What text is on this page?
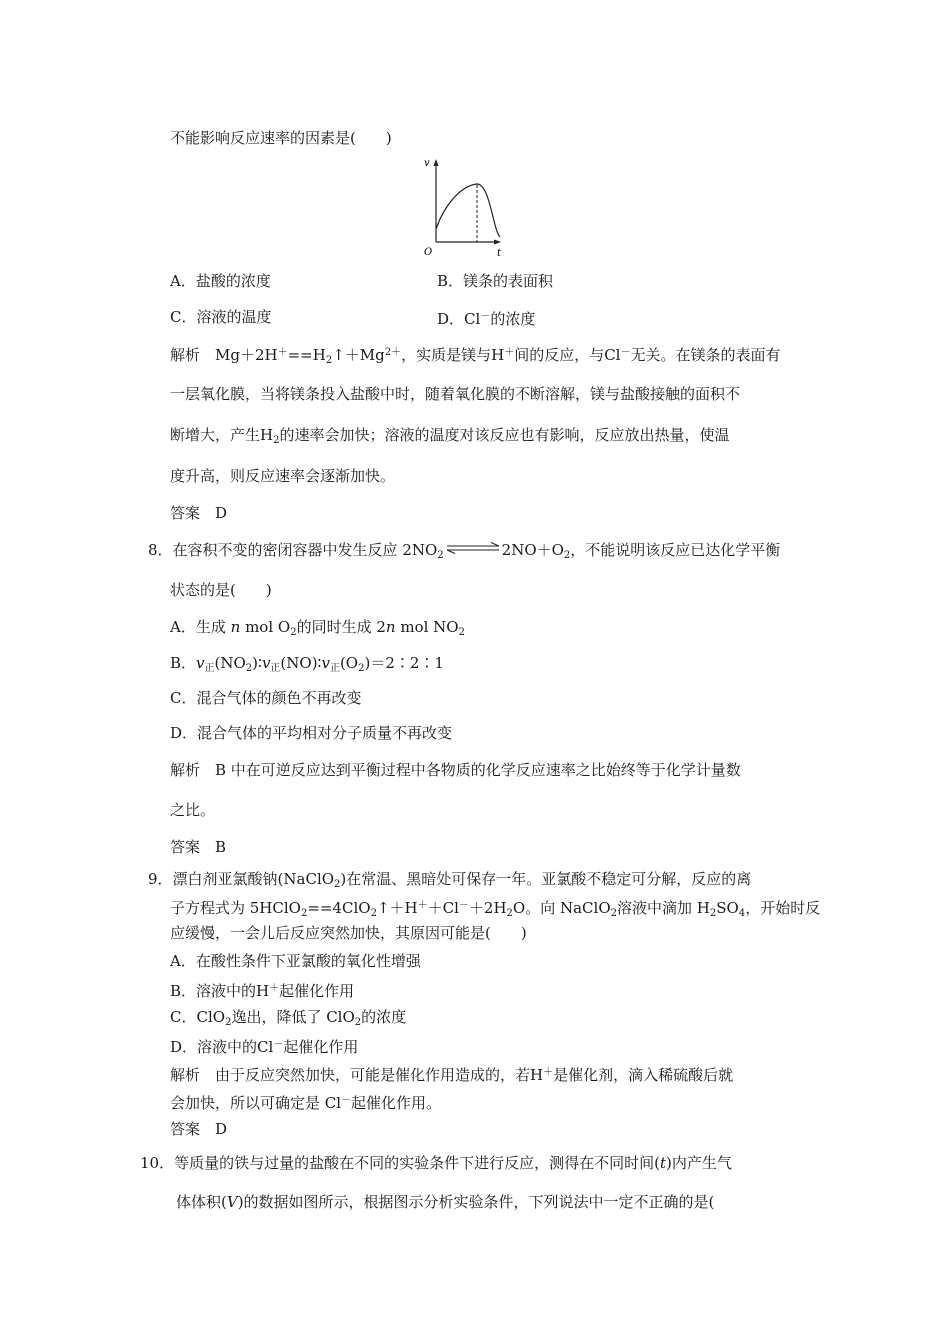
不能影响反应速率的因素是(　　)
v
t
O
A．盐酸的浓度	B．镁条的表面积
C．溶液的温度	D．Cl－的浓度
解析　$Mg+2H^+==H_2↑+Mg^{2+}$，实质是镁与H＋间的反应，与Cl－无关。在镁条的表面有
一层氧化膜，当将镁条投入盐酸中时，随着氧化膜的不断溶解，镁与盐酸接触的面积不
断增大，产生$H_2$的速率会加快；溶液的温度对该反应也有影响，反应放出热量，使温
度升高，则反应速率会逐渐加快。
答案　D
8．在容积不变的密闭容器中发生反应 $2NO_2$ $\rightleftharpoons 2NO+O_2$，不能说明该反应已达化学平衡
状态的是(　　)
A．生成 n mol $O_2$的同时生成 2n mol $NO_2$
B．$v_正(NO_2)∶v_正(NO)∶v_正(O_2)=2∶2∶1$
C．混合气体的颜色不再改变
D．混合气体的平均相对分子质量不再改变
解析　B 中在可逆反应达到平衡过程中各物质的化学反应速率之比始终等于化学计量数
之比。
答案　B
9．漂白剂亚氯酸钠(NaClO$_2$)在常温、黑暗处可保存一年。亚氯酸不稳定可分解，反应的离
子方程式为 $5HClO_2==4ClO_2↑+H^++Cl^-+2H_2O$。向 NaClO$_2$溶液中滴加 $H_2SO_4$，开始时反
应缓慢，一会儿后反应突然加快，其原因可能是(　　)
A．在酸性条件下亚氯酸的氧化性增强
B．溶液中的H＋起催化作用
C．ClO$_2$逸出，降低了 ClO$_2$的浓度
D．溶液中的Cl－起催化作用
解析　由于反应突然加快，可能是催化作用造成的，若H＋是催化剂，滴入稀硫酸后就
会加快，所以可确定是 Cl－起催化作用。
答案　D
10．等质量的铁与过量的盐酸在不同的实验条件下进行反应，测得在不同时间(t)内产生气
体体积(V)的数据如图所示，根据图示分析实验条件，下列说法中一定不正确的是(
